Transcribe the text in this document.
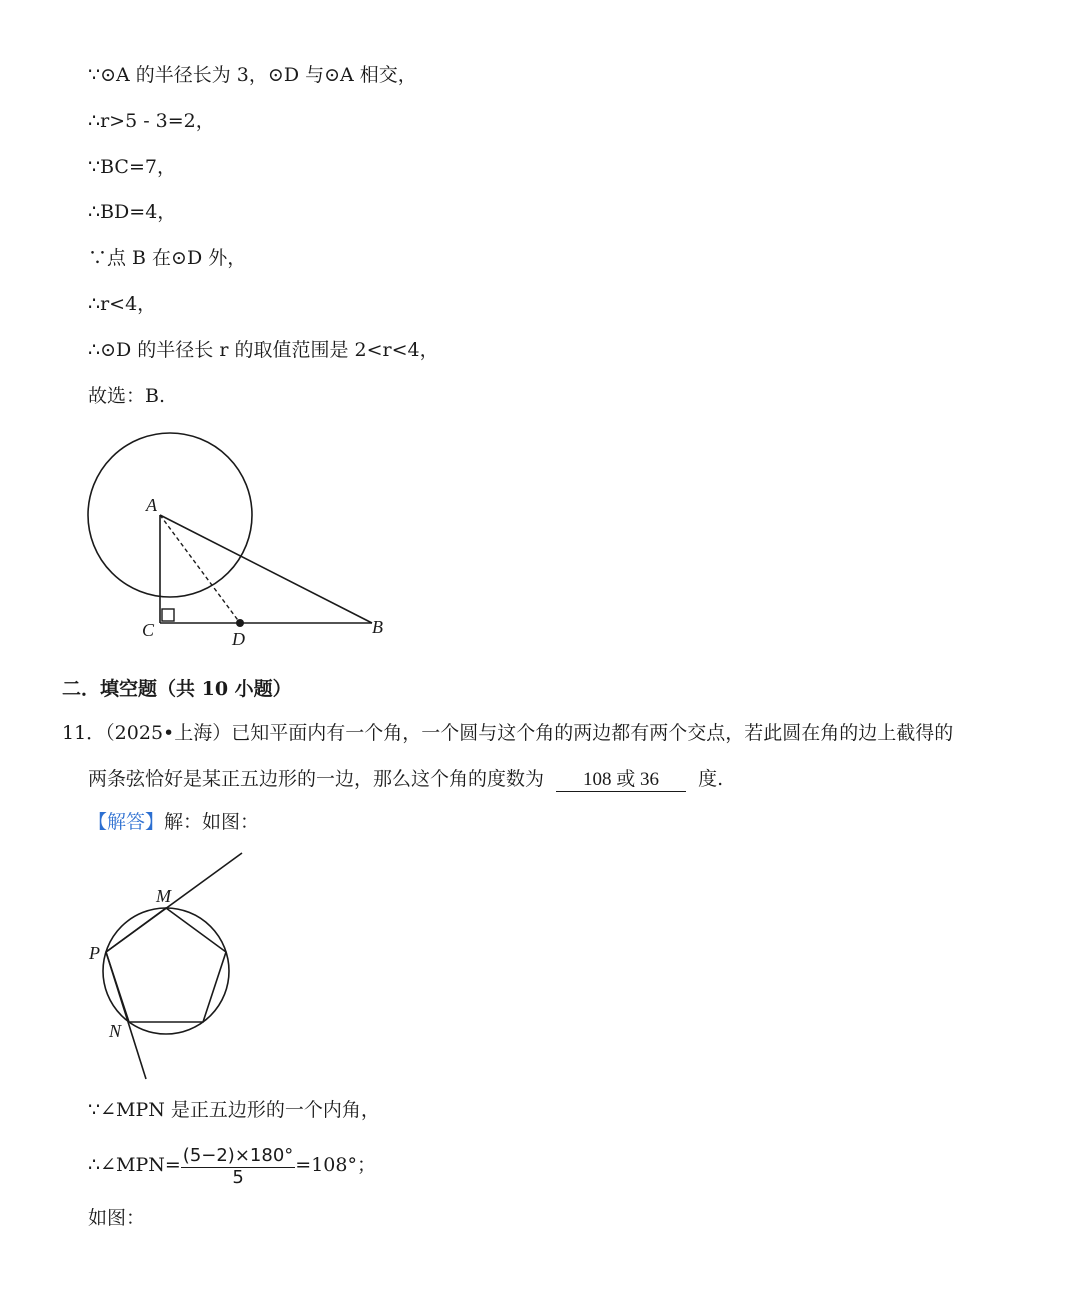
∵⊙A 的半径长为 3，⊙D 与⊙A 相交，
∴r>5 - 3=2，
∵BC=7，
∴BD=4，
∵点 B 在⊙D 外，
∴r<4，
∴⊙D 的半径长 r 的取值范围是 2<r<4，
故选：B.
A
C	D
B
二．填空题（共 10 小题）
11．（2025•上海）已知平面内有一个角，一个圆与这个角的两边都有两个交点，若此圆在角的边上截得的
两条弦恰好是某正五边形的一边，那么这个角的度数为 108 或 36 度.
【解答】解：如图：
M
P
N
∵∠MPN 是正五边形的一个内角，
∴∠MPN= $\frac{(5-2)\times 180^\circ}{5} =108^\circ$；
如图：
